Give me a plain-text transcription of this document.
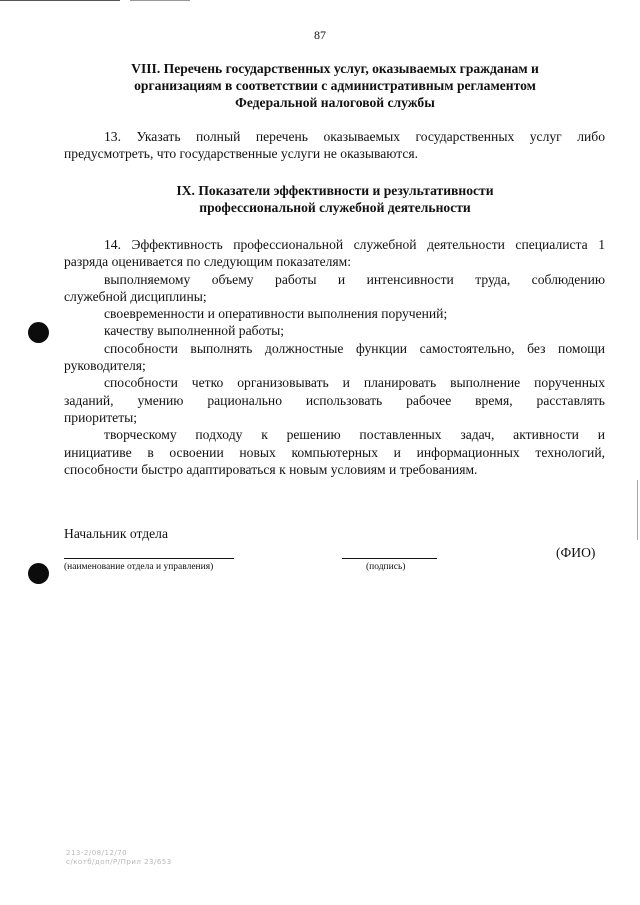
87
VIII. Перечень государственных услуг, оказываемых гражданам и
организациям в соответствии с административным регламентом
Федеральной налоговой службы
13. Указать полный перечень оказываемых государственных услуг либо
предусмотреть, что государственные услуги не оказываются.
IX. Показатели эффективности и результативности
профессиональной служебной деятельности
14. Эффективность профессиональной служебной деятельности специалиста 1
разряда оценивается по следующим показателям:
выполняемому объему работы и интенсивности труда, соблюдению
служебной дисциплины;
своевременности и оперативности выполнения поручений;
качеству выполненной работы;
способности выполнять должностные функции самостоятельно, без помощи
руководителя;
способности четко организовывать и планировать выполнение порученных
заданий, умению рационально использовать рабочее время, расставлять
приоритеты;
творческому подходу к решению поставленных задач, активности и
инициативе в освоении новых компьютерных и информационных технологий,
способности быстро адаптироваться к новым условиям и требованиям.
Начальник отдела
(ФИО)
(наименование отдела и управления)	(подпись)
213-2/08/12/70
с/котб/доп/Р/Прил 23/653
